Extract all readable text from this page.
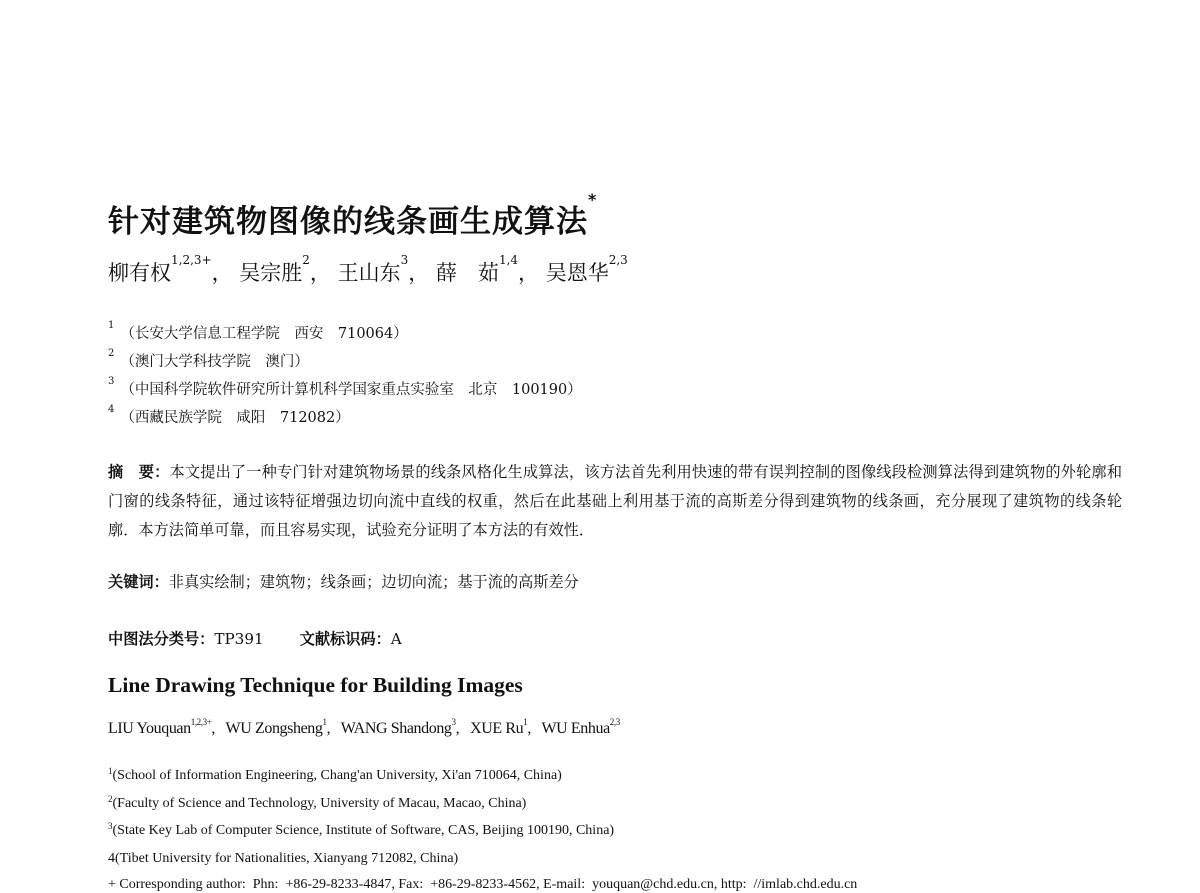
针对建筑物图像的线条画生成算法*
柳有权$^{1,2,3+}$， 吴宗胜$^2$， 王山东$^3$， 薛　茹$^{1,4}$， 吴恩华$^{2,3}$
$^1$（长安大学信息工程学院　西安　710064）
$^2$（澳门大学科技学院　澳门）
$^3$（中国科学院软件研究所计算机科学国家重点实验室　北京　100190）
$^4$（西藏民族学院　咸阳　712082）
摘　要：本文提出了一种专门针对建筑物场景的线条风格化生成算法，该方法首先利用快速的带有误判控制的图像线段检测算法得到建筑物的外轮廓和门窗的线条特征，通过该特征增强边切向流中直线的权重，然后在此基础上利用基于流的高斯差分得到建筑物的线条画，充分展现了建筑物的线条轮廓．本方法简单可靠，而且容易实现，试验充分证明了本方法的有效性．
关键词：非真实绘制；建筑物；线条画；边切向流；基于流的高斯差分
中图法分类号：TP391 文献标识码：A
Line Drawing Technique for Building Images
LIU Youquan$^{1,2,3+}$,   WU Zongsheng$^1$,   WANG Shandong$^3$,   XUE Ru$^1$,   WU Enhua$^{2,3}$
$^1$(School of Information Engineering, Chang'an University, Xi'an 710064, China)
$^2$(Faculty of Science and Technology, University of Macau, Macao, China)
$^3$(State Key Lab of Computer Science, Institute of Software, CAS, Beijing 100190, China)
4(Tibet University for Nationalities, Xianyang 712082, China)
+ Corresponding author:  Phn:  +86-29-8233-4847, Fax:  +86-29-8233-4562, E-mail:  youquan@chd.edu.cn, http:  //imlab.chd.edu.cn
